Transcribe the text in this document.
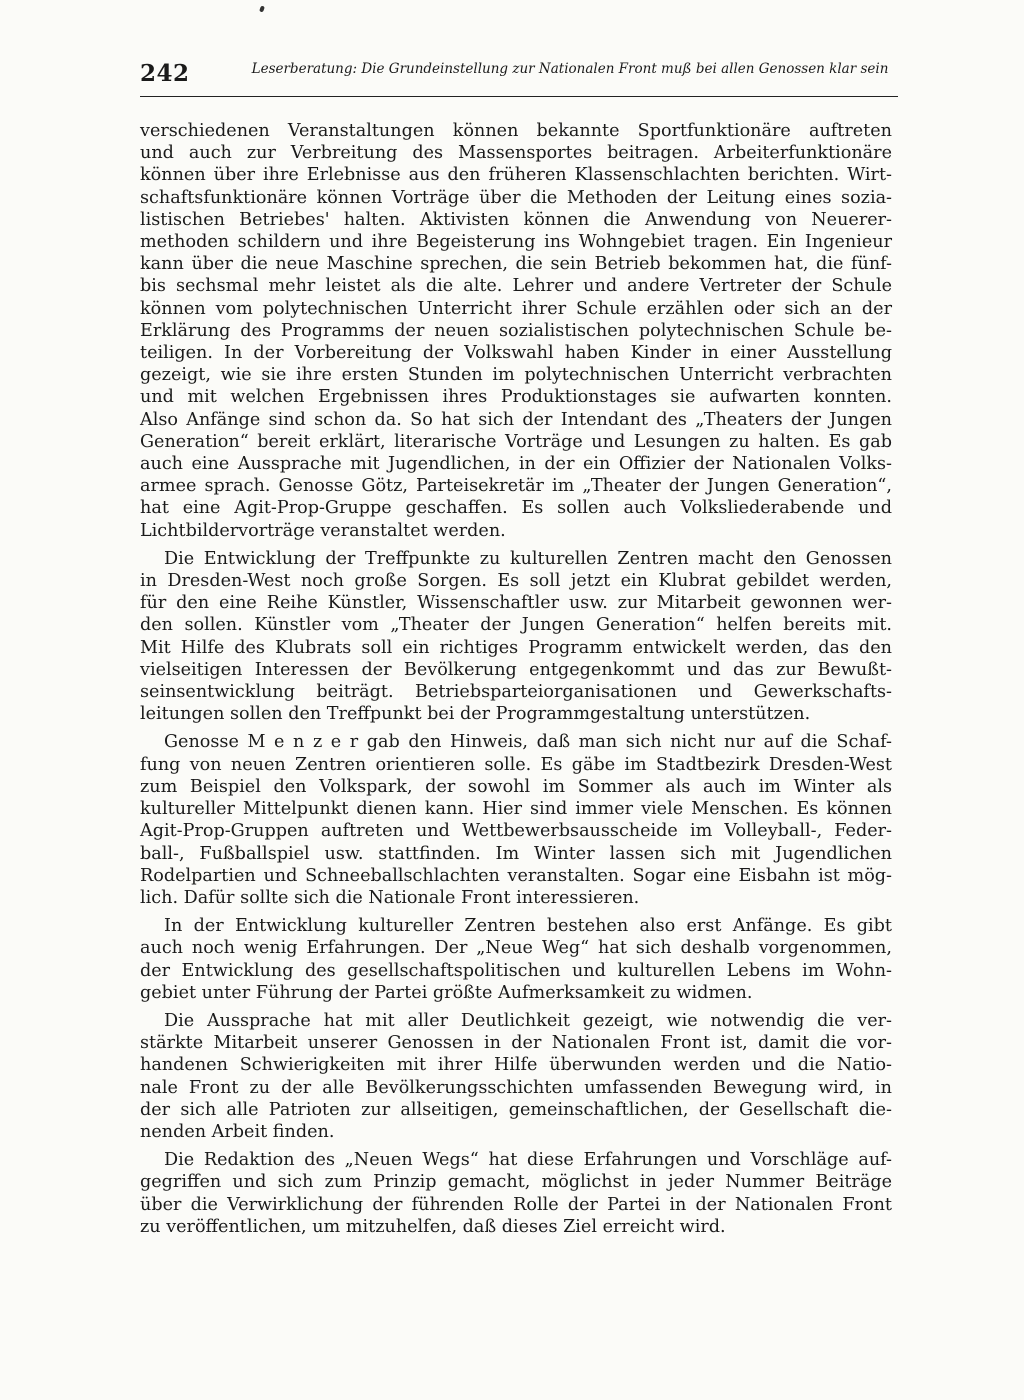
242	Leserberatung: Die Grundeinstellung zur Nationalen Front muß bei allen Genossen klar sein

verschiedenen Veranstaltungen können bekannte Sportfunktionäre auftreten
und auch zur Verbreitung des Massensportes beitragen. Arbeiterfunktionäre
können über ihre Erlebnisse aus den früheren Klassenschlachten berichten. Wirt-
schaftsfunktionäre können Vorträge über die Methoden der Leitung eines sozia-
listischen Betriebes' halten. Aktivisten können die Anwendung von Neuerer-
methoden schildern und ihre Begeisterung ins Wohngebiet tragen. Ein Ingenieur
kann über die neue Maschine sprechen, die sein Betrieb bekommen hat, die fünf-
bis sechsmal mehr leistet als die alte. Lehrer und andere Vertreter der Schule
können vom polytechnischen Unterricht ihrer Schule erzählen oder sich an der
Erklärung des Programms der neuen sozialistischen polytechnischen Schule be-
teiligen. In der Vorbereitung der Volkswahl haben Kinder in einer Ausstellung
gezeigt, wie sie ihre ersten Stunden im polytechnischen Unterricht verbrachten
und mit welchen Ergebnissen ihres Produktionstages sie aufwarten konnten.
Also Anfänge sind schon da. So hat sich der Intendant des „Theaters der Jungen
Generation“ bereit erklärt, literarische Vorträge und Lesungen zu halten. Es gab
auch eine Aussprache mit Jugendlichen, in der ein Offizier der Nationalen Volks-
armee sprach. Genosse Götz, Parteisekretär im „Theater der Jungen Generation“,
hat eine Agit-Prop-Gruppe geschaffen. Es sollen auch Volksliederabende und
Lichtbildervorträge veranstaltet werden.

Die Entwicklung der Treffpunkte zu kulturellen Zentren macht den Genossen
in Dresden-West noch große Sorgen. Es soll jetzt ein Klubrat gebildet werden,
für den eine Reihe Künstler, Wissenschaftler usw. zur Mitarbeit gewonnen wer-
den sollen. Künstler vom „Theater der Jungen Generation“ helfen bereits mit.
Mit Hilfe des Klubrats soll ein richtiges Programm entwickelt werden, das den
vielseitigen Interessen der Bevölkerung entgegenkommt und das zur Bewußt-
seinsentwicklung beiträgt. Betriebsparteiorganisationen und Gewerkschafts-
leitungen sollen den Treffpunkt bei der Programmgestaltung unterstützen.

Genosse M e n z e r gab den Hinweis, daß man sich nicht nur auf die Schaf-
fung von neuen Zentren orientieren solle. Es gäbe im Stadtbezirk Dresden-West
zum Beispiel den Volkspark, der sowohl im Sommer als auch im Winter als
kultureller Mittelpunkt dienen kann. Hier sind immer viele Menschen. Es können
Agit-Prop-Gruppen auftreten und Wettbewerbsausscheide im Volleyball-, Feder-
ball-, Fußballspiel usw. stattfinden. Im Winter lassen sich mit Jugendlichen
Rodelpartien und Schneeballschlachten veranstalten. Sogar eine Eisbahn ist mög-
lich. Dafür sollte sich die Nationale Front interessieren.

In der Entwicklung kultureller Zentren bestehen also erst Anfänge. Es gibt
auch noch wenig Erfahrungen. Der „Neue Weg“ hat sich deshalb vorgenommen,
der Entwicklung des gesellschaftspolitischen und kulturellen Lebens im Wohn-
gebiet unter Führung der Partei größte Aufmerksamkeit zu widmen.

Die Aussprache hat mit aller Deutlichkeit gezeigt, wie notwendig die ver-
stärkte Mitarbeit unserer Genossen in der Nationalen Front ist, damit die vor-
handenen Schwierigkeiten mit ihrer Hilfe überwunden werden und die Natio-
nale Front zu der alle Bevölkerungsschichten umfassenden Bewegung wird, in
der sich alle Patrioten zur allseitigen, gemeinschaftlichen, der Gesellschaft die-
nenden Arbeit finden.

Die Redaktion des „Neuen Wegs“ hat diese Erfahrungen und Vorschläge auf-
gegriffen und sich zum Prinzip gemacht, möglichst in jeder Nummer Beiträge
über die Verwirklichung der führenden Rolle der Partei in der Nationalen Front
zu veröffentlichen, um mitzuhelfen, daß dieses Ziel erreicht wird.
